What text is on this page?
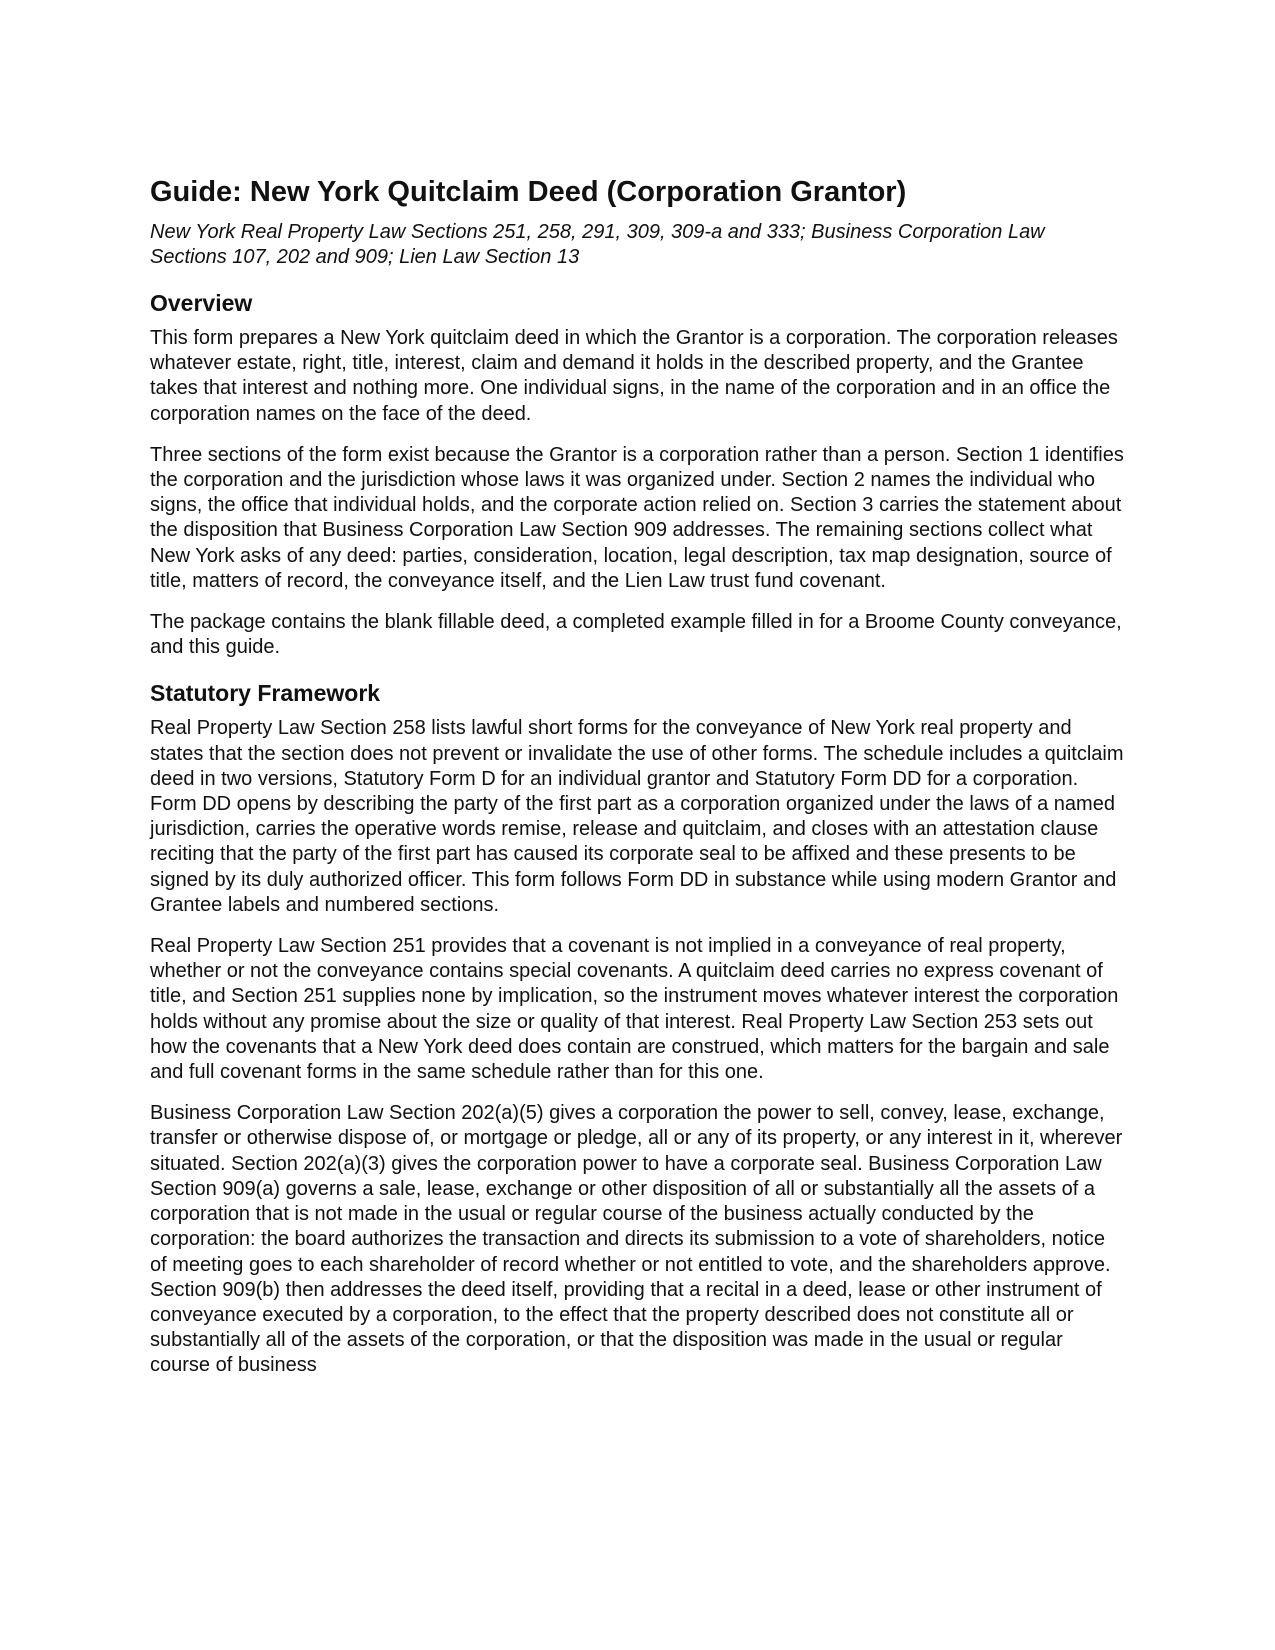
Guide: New York Quitclaim Deed (Corporation Grantor)

New York Real Property Law Sections 251, 258, 291, 309, 309-a and 333; Business Corporation Law Sections 107, 202 and 909; Lien Law Section 13

Overview

This form prepares a New York quitclaim deed in which the Grantor is a corporation. The corporation releases whatever estate, right, title, interest, claim and demand it holds in the described property, and the Grantee takes that interest and nothing more. One individual signs, in the name of the corporation and in an office the corporation names on the face of the deed.

Three sections of the form exist because the Grantor is a corporation rather than a person. Section 1 identifies the corporation and the jurisdiction whose laws it was organized under. Section 2 names the individual who signs, the office that individual holds, and the corporate action relied on. Section 3 carries the statement about the disposition that Business Corporation Law Section 909 addresses. The remaining sections collect what New York asks of any deed: parties, consideration, location, legal description, tax map designation, source of title, matters of record, the conveyance itself, and the Lien Law trust fund covenant.

The package contains the blank fillable deed, a completed example filled in for a Broome County conveyance, and this guide.

Statutory Framework

Real Property Law Section 258 lists lawful short forms for the conveyance of New York real property and states that the section does not prevent or invalidate the use of other forms. The schedule includes a quitclaim deed in two versions, Statutory Form D for an individual grantor and Statutory Form DD for a corporation. Form DD opens by describing the party of the first part as a corporation organized under the laws of a named jurisdiction, carries the operative words remise, release and quitclaim, and closes with an attestation clause reciting that the party of the first part has caused its corporate seal to be affixed and these presents to be signed by its duly authorized officer. This form follows Form DD in substance while using modern Grantor and Grantee labels and numbered sections.

Real Property Law Section 251 provides that a covenant is not implied in a conveyance of real property, whether or not the conveyance contains special covenants. A quitclaim deed carries no express covenant of title, and Section 251 supplies none by implication, so the instrument moves whatever interest the corporation holds without any promise about the size or quality of that interest. Real Property Law Section 253 sets out how the covenants that a New York deed does contain are construed, which matters for the bargain and sale and full covenant forms in the same schedule rather than for this one.

Business Corporation Law Section 202(a)(5) gives a corporation the power to sell, convey, lease, exchange, transfer or otherwise dispose of, or mortgage or pledge, all or any of its property, or any interest in it, wherever situated. Section 202(a)(3) gives the corporation power to have a corporate seal. Business Corporation Law Section 909(a) governs a sale, lease, exchange or other disposition of all or substantially all the assets of a corporation that is not made in the usual or regular course of the business actually conducted by the corporation: the board authorizes the transaction and directs its submission to a vote of shareholders, notice of meeting goes to each shareholder of record whether or not entitled to vote, and the shareholders approve. Section 909(b) then addresses the deed itself, providing that a recital in a deed, lease or other instrument of conveyance executed by a corporation, to the effect that the property described does not constitute all or substantially all of the assets of the corporation, or that the disposition was made in the usual or regular course of business
